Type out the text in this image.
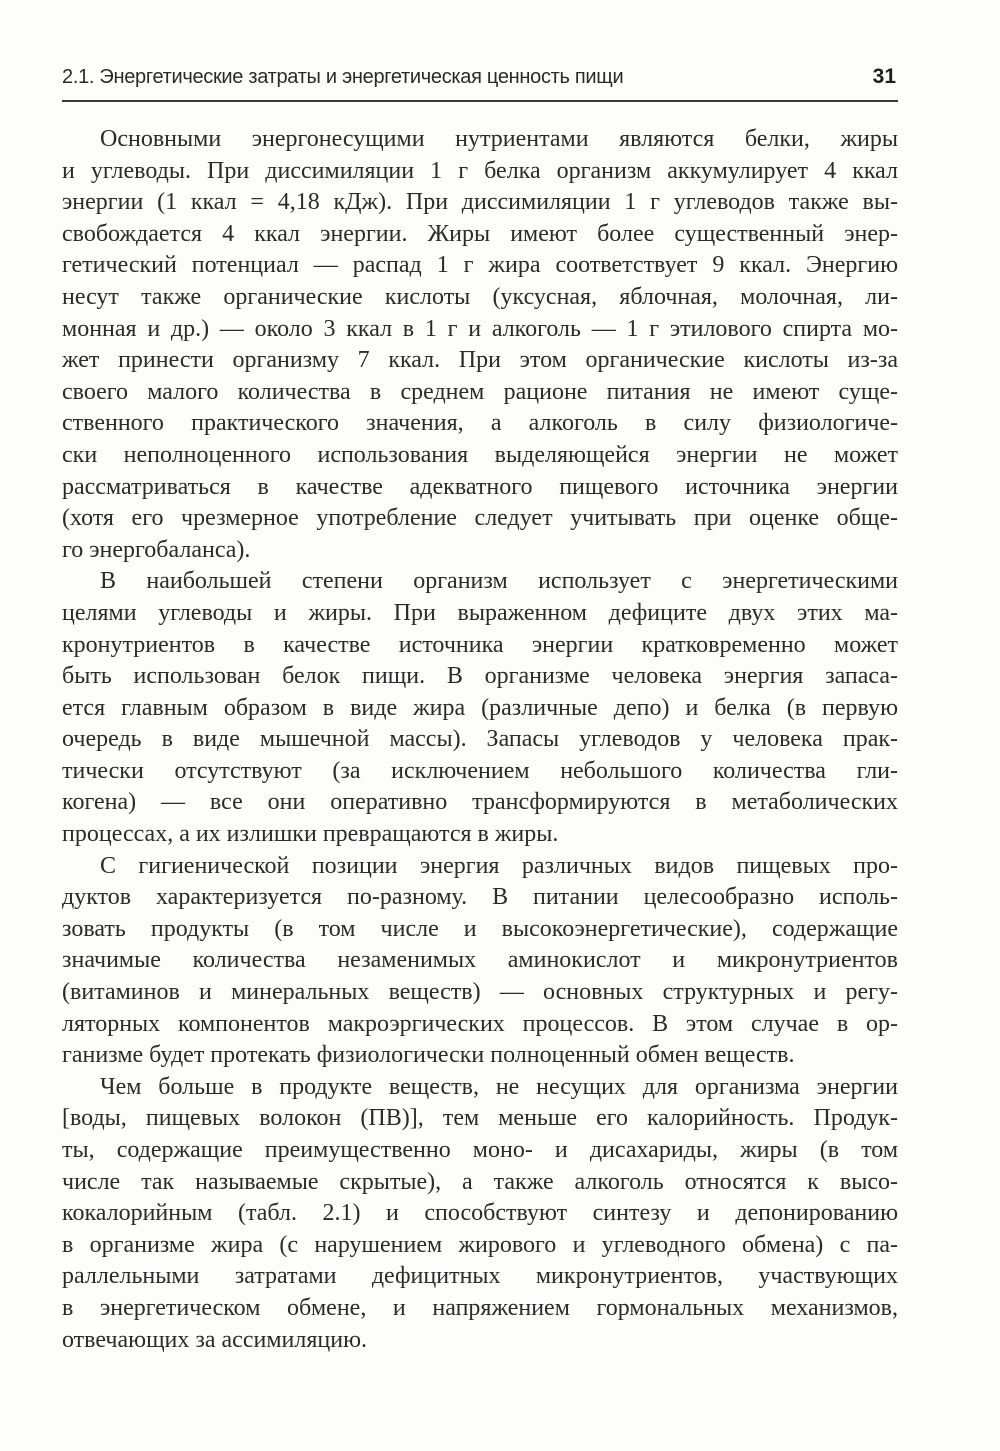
2.1. Энергетические затраты и энергетическая ценность пищи	31
Основными энергонесущими нутриентами являются белки, жиры
и углеводы. При диссимиляции 1 г белка организм аккумулирует 4 ккал
энергии (1 ккал = 4,18 кДж). При диссимиляции 1 г углеводов также вы-
свобождается 4 ккал энергии. Жиры имеют более существенный энер-
гетический потенциал — распад 1 г жира соответствует 9 ккал. Энергию
несут также органические кислоты (уксусная, яблочная, молочная, ли-
монная и др.) — около 3 ккал в 1 г и алкоголь — 1 г этилового спирта мо-
жет принести организму 7 ккал. При этом органические кислоты из-за
своего малого количества в среднем рационе питания не имеют суще-
ственного практического значения, а алкоголь в силу физиологиче-
ски неполноценного использования выделяющейся энергии не может
рассматриваться в качестве адекватного пищевого источника энергии
(хотя его чрезмерное употребление следует учитывать при оценке обще-
го энергобаланса).
В наибольшей степени организм использует с энергетическими
целями углеводы и жиры. При выраженном дефиците двух этих ма-
кронутриентов в качестве источника энергии кратковременно может
быть использован белок пищи. В организме человека энергия запаса-
ется главным образом в виде жира (различные депо) и белка (в первую
очередь в виде мышечной массы). Запасы углеводов у человека прак-
тически отсутствуют (за исключением небольшого количества гли-
когена) — все они оперативно трансформируются в метаболических
процессах, а их излишки превращаются в жиры.
С гигиенической позиции энергия различных видов пищевых про-
дуктов характеризуется по-разному. В питании целесообразно исполь-
зовать продукты (в том числе и высокоэнергетические), содержащие
значимые количества незаменимых аминокислот и микронутриентов
(витаминов и минеральных веществ) — основных структурных и регу-
ляторных компонентов макроэргических процессов. В этом случае в ор-
ганизме будет протекать физиологически полноценный обмен веществ.
Чем больше в продукте веществ, не несущих для организма энергии
[воды, пищевых волокон (ПВ)], тем меньше его калорийность. Продук-
ты, содержащие преимущественно моно- и дисахариды, жиры (в том
числе так называемые скрытые), а также алкоголь относятся к высо-
кокалорийным (табл. 2.1) и способствуют синтезу и депонированию
в организме жира (с нарушением жирового и углеводного обмена) с па-
раллельными затратами дефицитных микронутриентов, участвующих
в энергетическом обмене, и напряжением гормональных механизмов,
отвечающих за ассимиляцию.
